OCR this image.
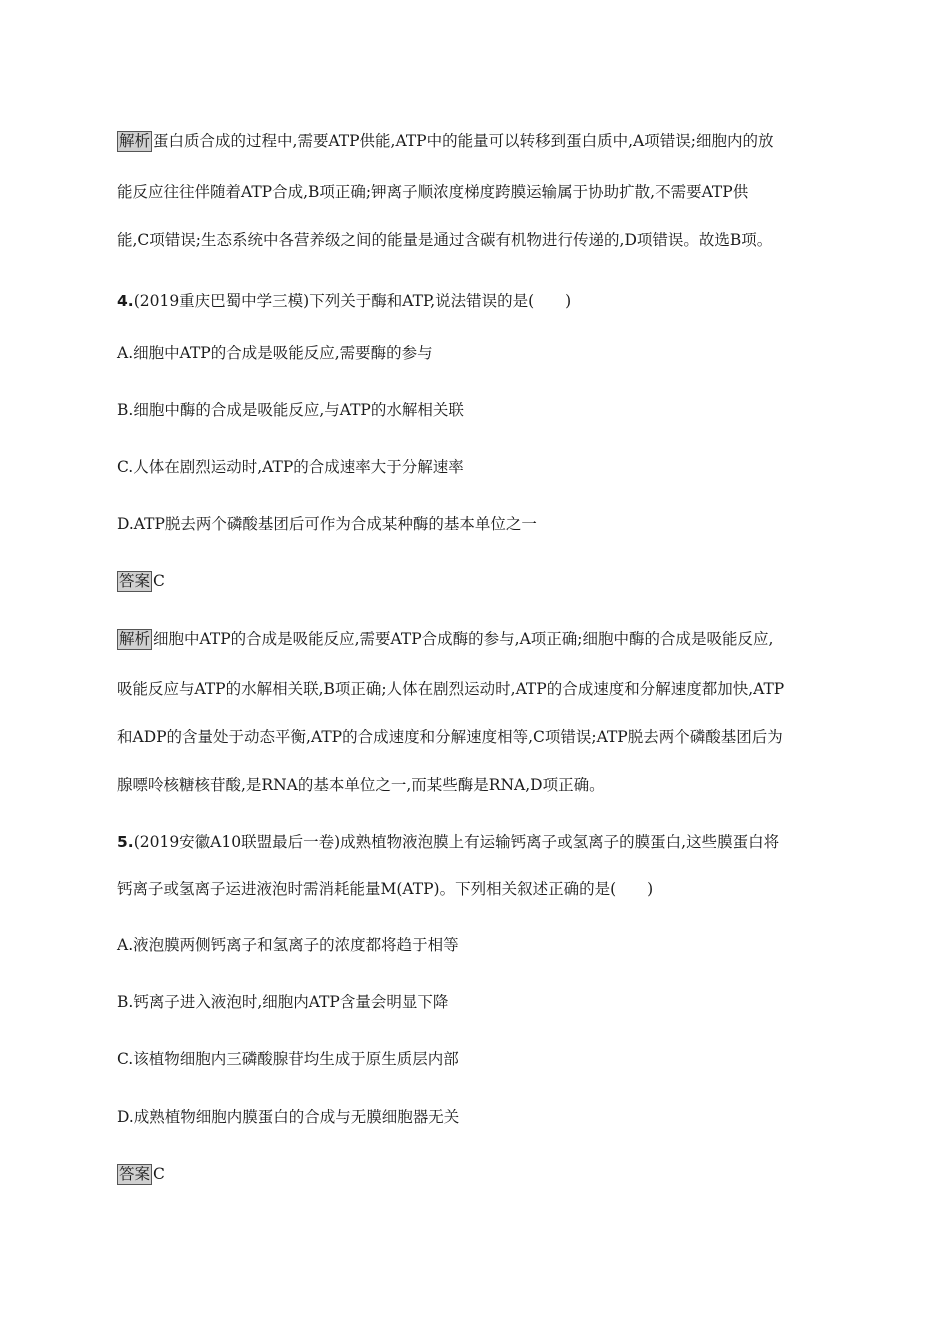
解析 蛋白质合成的过程中,需要ATP供能,ATP中的能量可以转移到蛋白质中,A项错误;细胞内的放
能反应往往伴随着ATP合成,B项正确;钾离子顺浓度梯度跨膜运输属于协助扩散,不需要ATP供
能,C项错误;生态系统中各营养级之间的能量是通过含碳有机物进行传递的,D项错误。故选B项。
4.(2019重庆巴蜀中学三模)下列关于酶和ATP,说法错误的是(　　)
A.细胞中ATP的合成是吸能反应,需要酶的参与
B.细胞中酶的合成是吸能反应,与ATP的水解相关联
C.人体在剧烈运动时,ATP的合成速率大于分解速率
D.ATP脱去两个磷酸基团后可作为合成某种酶的基本单位之一
答案 C
解析 细胞中ATP的合成是吸能反应,需要ATP合成酶的参与,A项正确;细胞中酶的合成是吸能反应,
吸能反应与ATP的水解相关联,B项正确;人体在剧烈运动时,ATP的合成速度和分解速度都加快,ATP
和ADP的含量处于动态平衡,ATP的合成速度和分解速度相等,C项错误;ATP脱去两个磷酸基团后为
腺嘌呤核糖核苷酸,是RNA的基本单位之一,而某些酶是RNA,D项正确。
5.(2019安徽A10联盟最后一卷)成熟植物液泡膜上有运输钙离子或氢离子的膜蛋白,这些膜蛋白将
钙离子或氢离子运进液泡时需消耗能量M(ATP)。下列相关叙述正确的是(　　)
A.液泡膜两侧钙离子和氢离子的浓度都将趋于相等
B.钙离子进入液泡时,细胞内ATP含量会明显下降
C.该植物细胞内三磷酸腺苷均生成于原生质层内部
D.成熟植物细胞内膜蛋白的合成与无膜细胞器无关
答案 C
